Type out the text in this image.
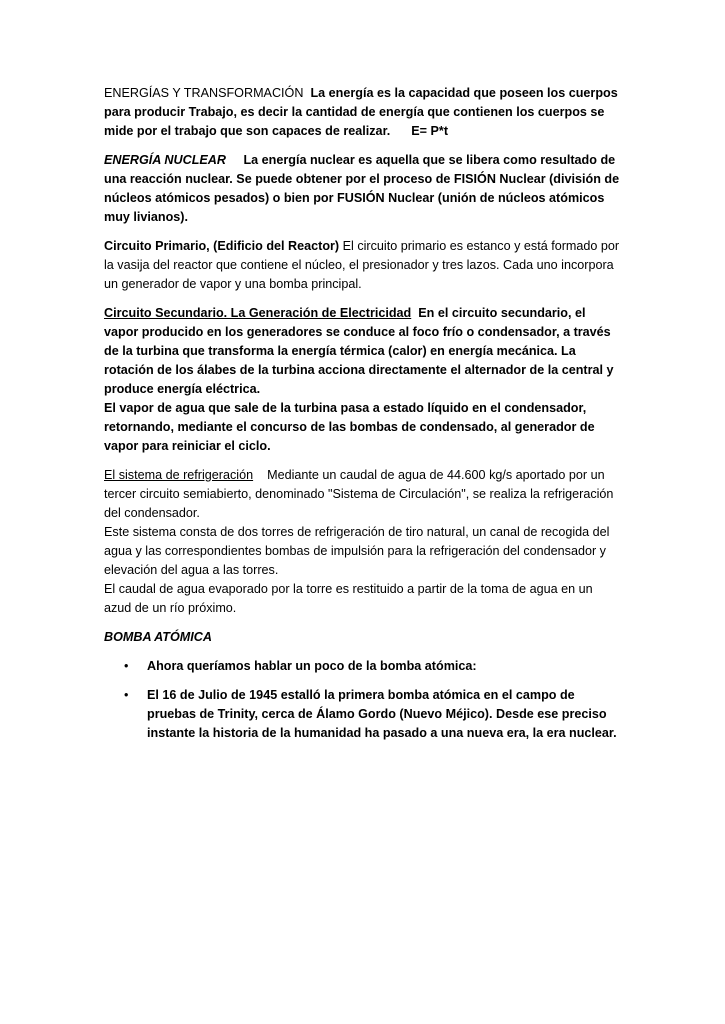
ENERGÍAS Y TRANSFORMACIÓN La energía es la capacidad que poseen los cuerpos para producir Trabajo, es decir la cantidad de energía que contienen los cuerpos se mide por el trabajo que son capaces de realizar. E= P*t

ENERGÍA NUCLEAR La energía nuclear es aquella que se libera como resultado de una reacción nuclear. Se puede obtener por el proceso de FISIÓN Nuclear (división de núcleos atómicos pesados) o bien por FUSIÓN Nuclear (unión de núcleos atómicos muy livianos).

Circuito Primario, (Edificio del Reactor) El circuito primario es estanco y está formado por la vasija del reactor que contiene el núcleo, el presionador y tres lazos. Cada uno incorpora un generador de vapor y una bomba principal.

Circuito Secundario. La Generación de Electricidad En el circuito secundario, el vapor producido en los generadores se conduce al foco frío o condensador, a través de la turbina que transforma la energía térmica (calor) en energía mecánica. La rotación de los álabes de la turbina acciona directamente el alternador de la central y produce energía eléctrica.
El vapor de agua que sale de la turbina pasa a estado líquido en el condensador, retornando, mediante el concurso de las bombas de condensado, al generador de vapor para reiniciar el ciclo.

El sistema de refrigeración Mediante un caudal de agua de 44.600 kg/s aportado por un tercer circuito semiabierto, denominado "Sistema de Circulación", se realiza la refrigeración del condensador.
Este sistema consta de dos torres de refrigeración de tiro natural, un canal de recogida del agua y las correspondientes bombas de impulsión para la refrigeración del condensador y elevación del agua a las torres.
El caudal de agua evaporado por la torre es restituido a partir de la toma de agua en un azud de un río próximo.

BOMBA ATÓMICA

• Ahora queríamos hablar un poco de la bomba atómica:
• El 16 de Julio de 1945 estalló la primera bomba atómica en el campo de pruebas de Trinity, cerca de Álamo Gordo (Nuevo Méjico). Desde ese preciso instante la historia de la humanidad ha pasado a una nueva era, la era nuclear.
